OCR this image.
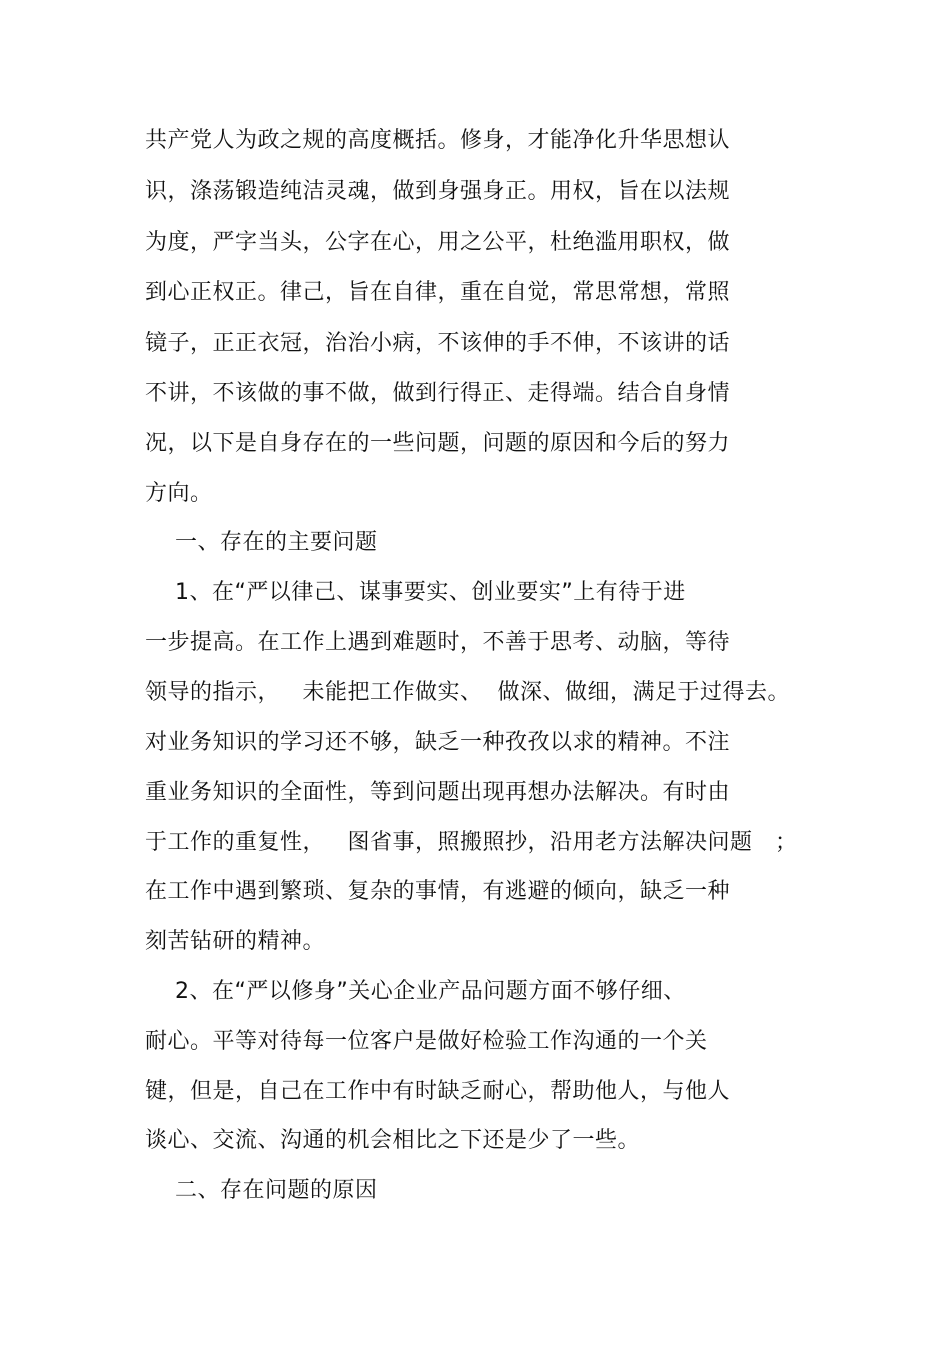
共产党人为政之规的高度概括。修身，才能净化升华思想认
识，涤荡锻造纯洁灵魂，做到身强身正。用权，旨在以法规
为度，严字当头，公字在心，用之公平，杜绝滥用职权，做
到心正权正。律己，旨在自律，重在自觉，常思常想，常照
镜子，正正衣冠，治治小病，不该伸的手不伸，不该讲的话
不讲，不该做的事不做，做到行得正、走得端。结合自身情
况，以下是自身存在的一些问题，问题的原因和今后的努力
方向。
一、存在的主要问题
1、在“严以律己、谋事要实、创业要实”上有待于进
一步提高。在工作上遇到难题时，不善于思考、动脑，等待
领导的指示，   未能把工作做实、  做深、做细，满足于过得去。
对业务知识的学习还不够，缺乏一种孜孜以求的精神。不注
重业务知识的全面性，等到问题出现再想办法解决。有时由
于工作的重复性，   图省事，照搬照抄，沿用老方法解决问题   ；
在工作中遇到繁琐、复杂的事情，有逃避的倾向，缺乏一种
刻苦钻研的精神。
2、在“严以修身”关心企业产品问题方面不够仔细、
耐心。平等对待每一位客户是做好检验工作沟通的一个关
键，但是，自己在工作中有时缺乏耐心，帮助他人，与他人
谈心、交流、沟通的机会相比之下还是少了一些。
二、存在问题的原因
